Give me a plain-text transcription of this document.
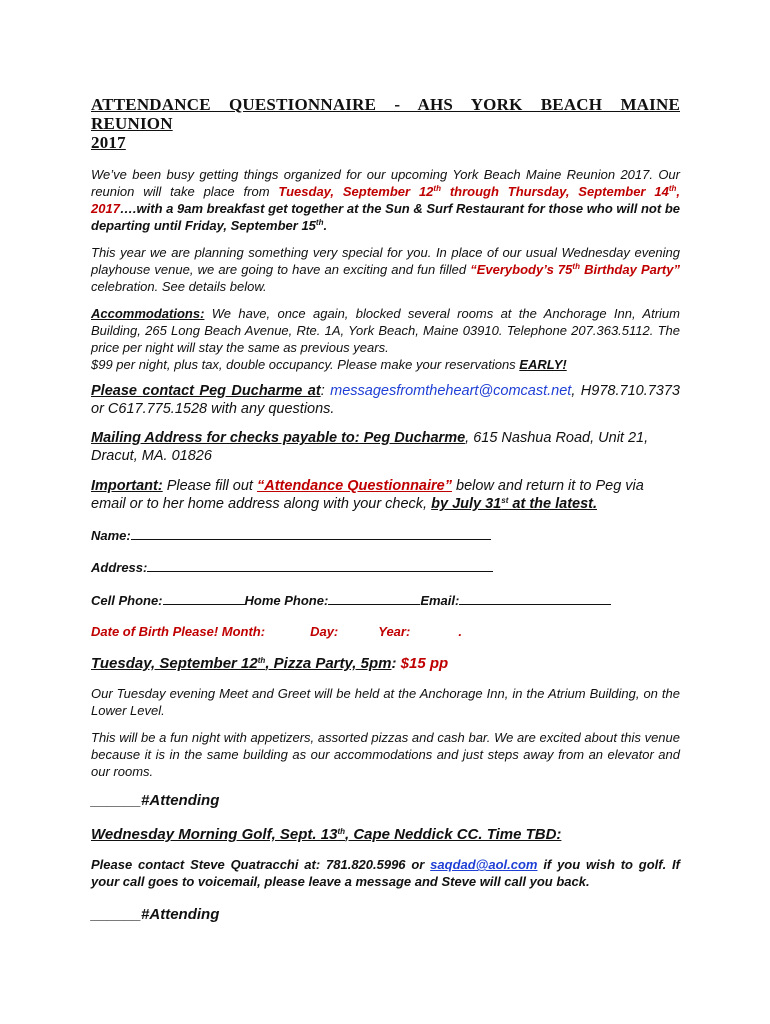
ATTENDANCE QUESTIONNAIRE - AHS YORK BEACH MAINE REUNION
2017

We’ve been busy getting things organized for our upcoming York Beach Maine Reunion 2017. Our reunion will take place from Tuesday, September 12th through Thursday, September 14th, 2017….with a 9am breakfast get together at the Sun & Surf Restaurant for those who will not be departing until Friday, September 15th.

This year we are planning something very special for you. In place of our usual Wednesday evening playhouse venue, we are going to have an exciting and fun filled “Everybody’s 75th Birthday Party” celebration. See details below.

Accommodations: We have, once again, blocked several rooms at the Anchorage Inn, Atrium Building, 265 Long Beach Avenue, Rte. 1A, York Beach, Maine 03910. Telephone 207.363.5112. The price per night will stay the same as previous years.
$99 per night, plus tax, double occupancy. Please make your reservations EARLY!

Please contact Peg Ducharme at: messagesfromtheheart@comcast.net, H978.710.7373 or C617.775.1528 with any questions.

Mailing Address for checks payable to: Peg Ducharme, 615 Nashua Road, Unit 21, Dracut, MA. 01826

Important: Please fill out “Attendance Questionnaire” below and return it to Peg via email or to her home address along with your check, by July 31st at the latest.

Name:
Address:
Cell Phone:	Home Phone:	Email:
Date of Birth Please! Month:	Day:	Year:	.
Tuesday, September 12th, Pizza Party, 5pm: $15 pp

Our Tuesday evening Meet and Greet will be held at the Anchorage Inn, in the Atrium Building, on the Lower Level.

This will be a fun night with appetizers, assorted pizzas and cash bar. We are excited about this venue because it is in the same building as our accommodations and just steps away from an elevator and our rooms.

______#Attending
Wednesday Morning Golf, Sept. 13th, Cape Neddick CC. Time TBD:

Please contact Steve Quatracchi at: 781.820.5996 or saqdad@aol.com if you wish to golf. If your call goes to voicemail, please leave a message and Steve will call you back.

______#Attending
